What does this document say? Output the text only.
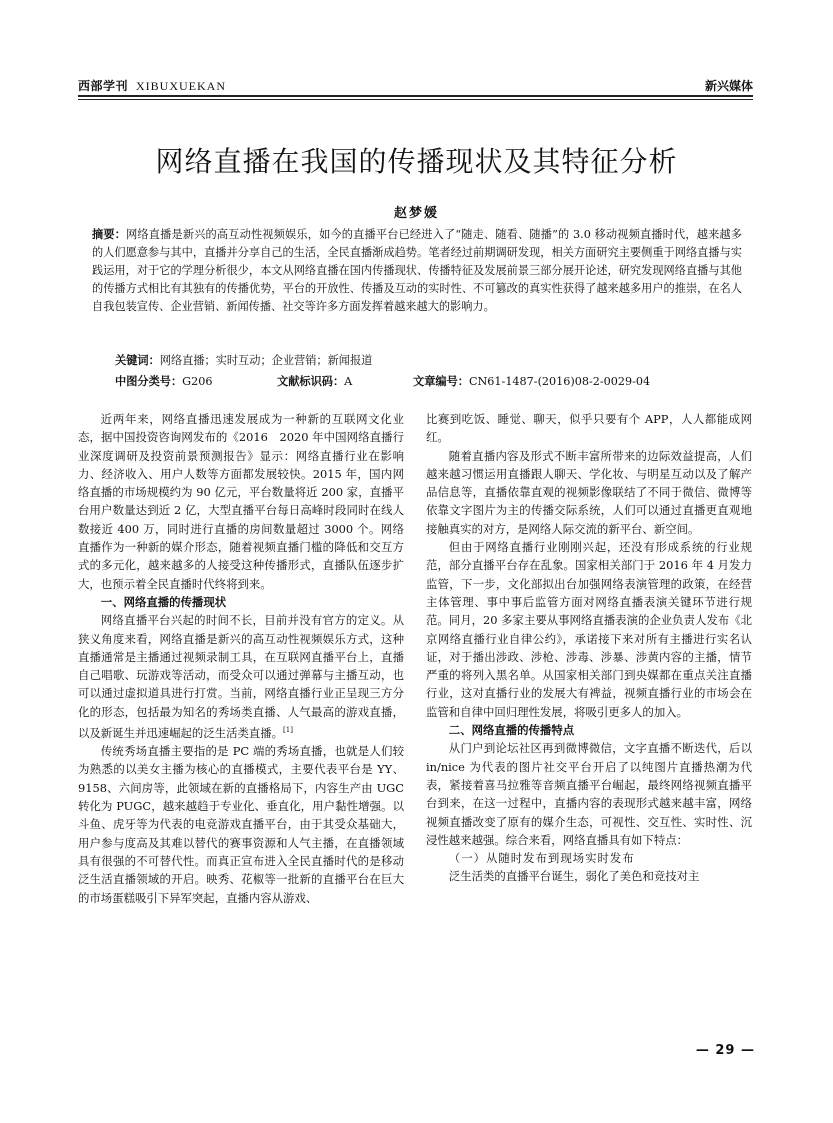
西部学刊 XIBUXUEKAN	新兴媒体
网络直播在我国的传播现状及其特征分析
赵梦媛
摘要：网络直播是新兴的高互动性视频娱乐，如今的直播平台已经进入了“随走、随看、随播”的 3.0 移动视频直播时代，越来越多的人们愿意参与其中，直播并分享自己的生活，全民直播渐成趋势。笔者经过前期调研发现，相关方面研究主要侧重于网络直播与实践运用，对于它的学理分析很少，本文从网络直播在国内传播现状、传播特征及发展前景三部分展开论述，研究发现网络直播与其他的传播方式相比有其独有的传播优势，平台的开放性、传播及互动的实时性、不可篡改的真实性获得了越来越多用户的推崇，在名人自我包装宣传、企业营销、新闻传播、社交等许多方面发挥着越来越大的影响力。
关键词：网络直播；实时互动；企业营销；新闻报道
中图分类号：G206	文献标识码：A	文章编号：CN61-1487-(2016)08-2-0029-04

近两年来，网络直播迅速发展成为一种新的互联网文化业态，据中国投资咨询网发布的《2016　2020 年中国网络直播行业深度调研及投资前景预测报告》显示：网络直播行业在影响力、经济收入、用户人数等方面都发展较快。2015 年，国内网络直播的市场规模约为 90 亿元，平台数量将近 200 家，直播平台用户数量达到近 2 亿，大型直播平台每日高峰时段同时在线人数接近 400 万，同时进行直播的房间数量超过 3000 个。网络直播作为一种新的媒介形态，随着视频直播门槛的降低和交互方式的多元化，越来越多的人接受这种传播形式，直播队伍逐步扩大，也预示着全民直播时代终将到来。

一、网络直播的传播现状

网络直播平台兴起的时间不长，目前并没有官方的定义。从狭义角度来看，网络直播是新兴的高互动性视频娱乐方式，这种直播通常是主播通过视频录制工具，在互联网直播平台上，直播自己唱歌、玩游戏等活动，而受众可以通过弹幕与主播互动，也可以通过虚拟道具进行打赏。当前，网络直播行业正呈现三方分化的形态，包括最为知名的秀场类直播、人气最高的游戏直播，以及新诞生并迅速崛起的泛生活类直播。[1]

传统秀场直播主要指的是 PC 端的秀场直播，也就是人们较为熟悉的以美女主播为核心的直播模式，主要代表平台是 YY、9158、六间房等，此领域在新的直播格局下，内容生产由 UGC 转化为 PUGC，越来越趋于专业化、垂直化，用户黏性增强。以斗鱼、虎牙等为代表的电竞游戏直播平台，由于其受众基础大，用户参与度高及其难以替代的赛事资源和人气主播，在直播领域具有很强的不可替代性。而真正宣布进入全民直播时代的是移动泛生活直播领域的开启。映秀、花椒等一批新的直播平台在巨大的市场蛋糕吸引下异军突起，直播内容从游戏、

比赛到吃饭、睡觉、聊天，似乎只要有个 APP，人人都能成网红。

随着直播内容及形式不断丰富所带来的边际效益提高，人们越来越习惯运用直播跟人聊天、学化妆、与明星互动以及了解产品信息等，直播依靠直观的视频影像联结了不同于微信、微博等依靠文字图片为主的传播交际系统，人们可以通过直播更直观地接触真实的对方，是网络人际交流的新平台、新空间。

但由于网络直播行业刚刚兴起，还没有形成系统的行业规范，部分直播平台存在乱象。国家相关部门于 2016 年 4 月发力监管，下一步，文化部拟出台加强网络表演管理的政策，在经营主体管理、事中事后监管方面对网络直播表演关键环节进行规范。同月，20 多家主要从事网络直播表演的企业负责人发布《北京网络直播行业自律公约》，承诺接下来对所有主播进行实名认证，对于播出涉政、涉枪、涉毒、涉暴、涉黄内容的主播，情节严重的将列入黑名单。从国家相关部门到央媒都在重点关注直播行业，这对直播行业的发展大有裨益，视频直播行业的市场会在监管和自律中回归理性发展，将吸引更多人的加入。

二、网络直播的传播特点

从门户到论坛社区再到微博微信，文字直播不断迭代，后以 in/nice 为代表的图片社交平台开启了以纯图片直播热潮为代表，紧接着喜马拉雅等音频直播平台崛起，最终网络视频直播平台到来，在这一过程中，直播内容的表现形式越来越丰富，网络视频直播改变了原有的媒介生态，可视性、交互性、实时性、沉浸性越来越强。综合来看，网络直播具有如下特点：

（一）从随时发布到现场实时发布

泛生活类的直播平台诞生，弱化了美色和竞技对主

— 29 —
